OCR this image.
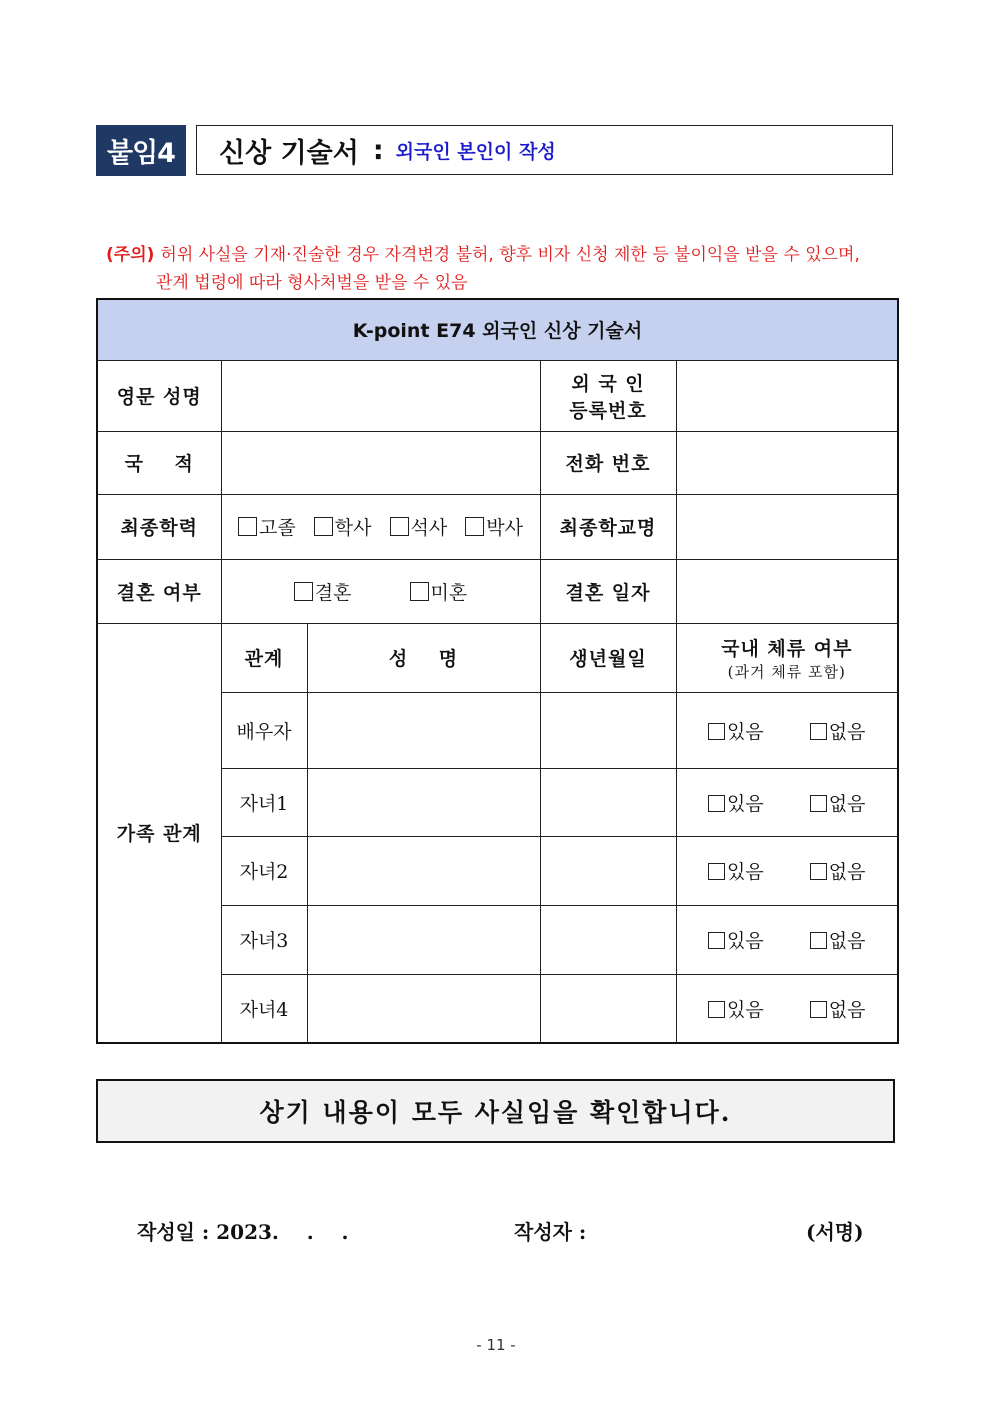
붙임4	신상 기술서 : 외국인 본인이 작성
(주의) 허위 사실을 기재·진술한 경우 자격변경 불허, 향후 비자 신청 제한 등 불이익을 받을 수 있으며,
관계 법령에 따라 형사처벌을 받을 수 있음
K-point E74 외국인 신상 기술서				
영문 성명			외 국 인
등록번호	

국    적			전화 번호	
최종학력	고졸 학사 석사 박사		최종학교명	
결혼 여부	결혼 미혼		결혼 일자	
가족 관계	관계	성    명	생년월일	국내 체류 여부
(과거 체류 포함)

	배우자			있음 없음
	자녀1			있음 없음
	자녀2			있음 없음
	자녀3			있음 없음
	자녀4			있음 없음
상기 내용이 모두 사실임을 확인합니다.
작성일 : 2023.    .    .	작성자 :	(서명)
- 11 -
